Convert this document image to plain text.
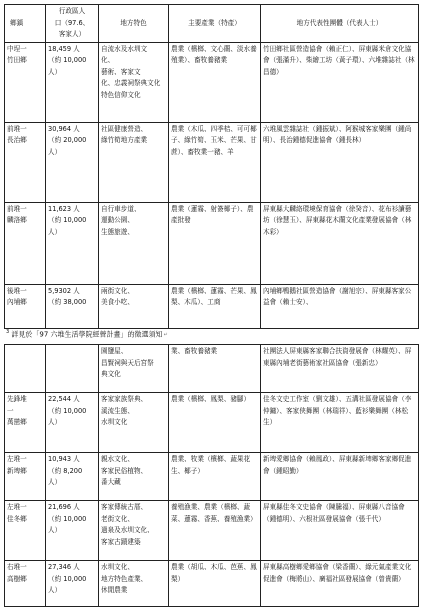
鄉鎮	行政區人
口（97.6、
客家人）	地方特色	主要產業（特產）	地方代表性團體（代表人士）

中埕一
竹田鄉	18,459 人
（約 10,000
人）	自流水及水圳文
化、
藝術、客家文
化、忠義祠祭典文化
特色信仰文化	農業（檳榔、文心蘭、淡水養殖業）、畜牧養豬業	竹田鄉社區營造協會（賴正仁）、屏東縣米倉文化協會（張滿升）、柴繪工坊（黃子環）、六堆雜誌社（林昌德）

前堆一
長治鄉	30,964 人
（約 20,000
人）	社區健康營造、
綠竹筍地方產業	農業（木瓜、四季桔、可可椰子、綠竹筍、玉米、芒果、甘蔗）、畜牧業一豬、羊	六堆風雲雜誌社（鍾振斌）、阿猴城客家樂團（鍾尚明）、長治鍾德促進協會（鍾長林）

前堆一
麟洛鄉	11,623 人
（約 10,000
人）	自行車步道、
運動公園、
生態旅遊、	農業（蓮霧、射簽椰子）、農產批發	屏東縣大麟絡環境保育協會（徐癸音）、花布衫讀藝坊（徐慧玉）、屏東縣花木蘭文化產業發展協會（林木彩）

後堆一
內埔鄉	5,9302 人
（約 38,000	兩街文化、
美食小吃、	農業（檳榔、蓮霧、芒果、鳳梨、木瓜）、工商	內埔鄉鴨鵝社區營造協會（謝旭宗）、屏東縣客家公益會（賴士安）、
$^3$ 詳見於「97 六堆生活學院經營計畫」的徵選須知↵

		園鹽屋、
昌賢祠與天后宮祭
典文化	業、畜牧養豬業	社團法人屏東縣客家聯合扶資發展會（林耀英）、屏東縣內埔老街藝術家社區協會（張新忠）

先鋒堆
一
萬巒鄉	22,544 人
（約 10,000
人）	客家家族祭典、
溪流生態、
水圳文化	農業（檳榔、鳳梨、豬腳）	佳冬文史工作室（劉文雄）、五溝社區發展協會（李仲鏞）、客家俠舞團（林瑞祥）、藍衫樂舞團（林松生）

左堆一
新埤鄉	10,943 人
（約 8,200
人）	親水文化、
客家民俗植物、
番大藏	農業、牧業（檳榔、蔬果花生、椰子）	新埤愛鄉協會（賴鳳政）、屏東縣新埤鄉客家鄉促進會（鍾昭勤）

左堆一
佳冬鄉	21,696 人
（約 10,000
人）	客家傳統古厝、
老街文化、
過泉及水圳文化、
客家古蹟建築	養殖漁業、農業（檳榔、蔬菜、蓮霧、香蕉、養殖漁業）	屏東縣佳冬文史協會（陳騰福）、屏東縣八音協會（鍾德明）、六根社區發展協會（張千代）

右堆一
高樹鄉	27,346 人
（約 10,000
人）	水圳文化、
地方特色產業、
休閒農業	農業（胡瓜、木瓜、芭蕉、鳳梨）	屏東縣高樹鄉愛鄉協會（梁香蘭）、綠元氣產業文化促進會（梅將山）、廣福社區發展協會（曾貴蘭）
